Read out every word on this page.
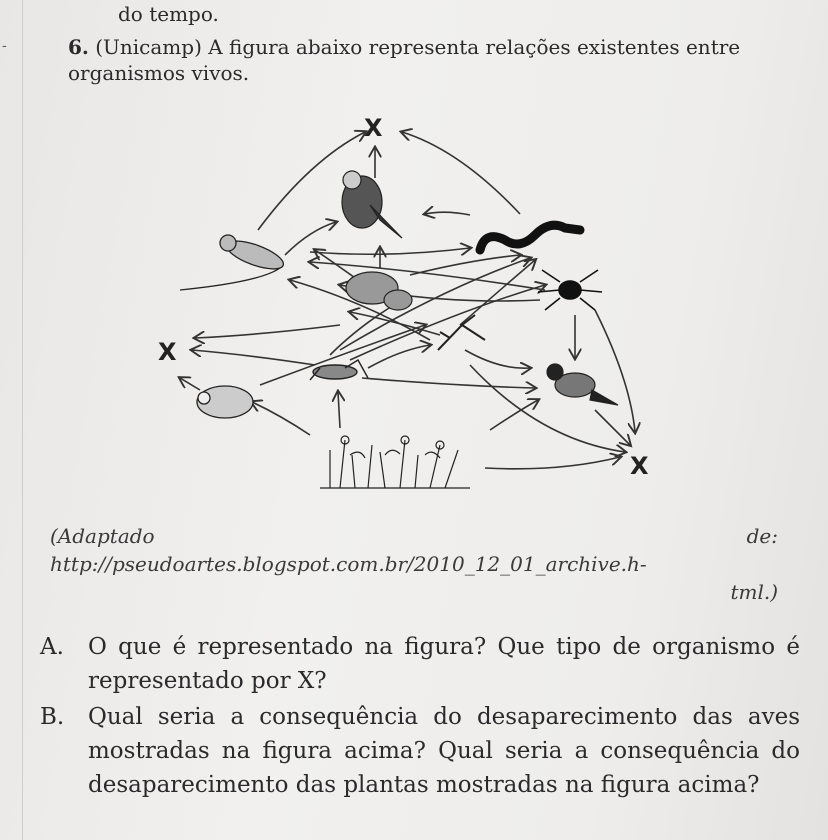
-
do tempo.
6. (Unicamp) A figura abaixo representa relações existentes entre organismos vivos.
X
X
X
(Adaptado de: http://pseudoartes.blogspot.com.br/2010_12_01_archive.h-
tml.)
A.	O que é representado na figura? Que tipo de organismo é representado por X?
B.	Qual seria a consequência do desaparecimento das aves mostradas na figura acima? Qual seria a consequência do desaparecimento das plantas mostradas na figura acima?
